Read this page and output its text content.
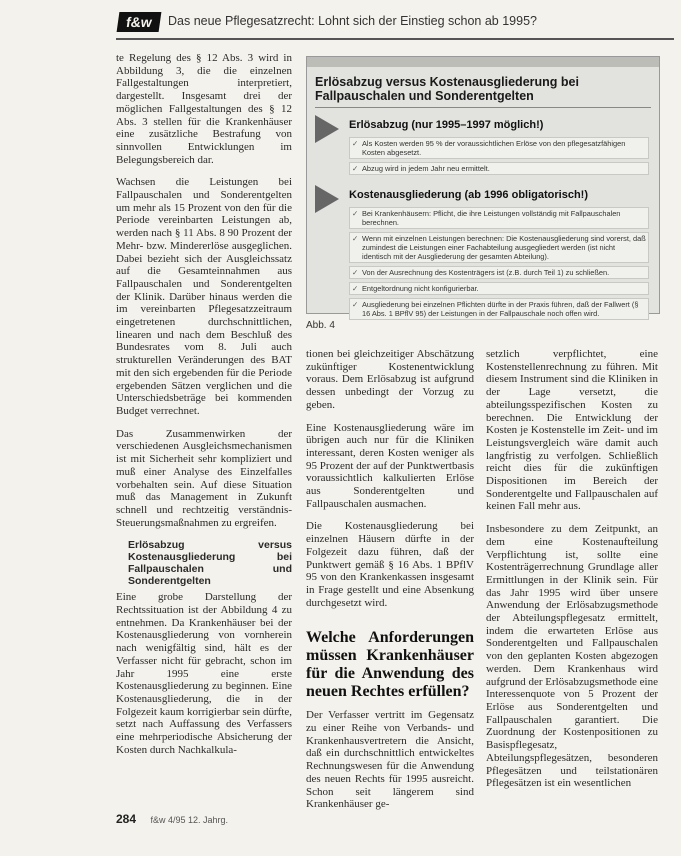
f&w	Das neue Pflegesatzrecht: Lohnt sich der Einstieg schon ab 1995?

te Regelung des § 12 Abs. 3 wird in Abbildung 3, die die einzelnen Fallgestaltungen interpretiert, dargestellt. Insgesamt drei der möglichen Fallgestaltungen des § 12 Abs. 3 stellen für die Krankenhäuser eine zusätzliche Bestrafung von sinnvollen Entwicklungen im Belegungsbereich dar.

Wachsen die Leistungen bei Fallpauschalen und Sonderentgelten um mehr als 15 Prozent von den für die Periode vereinbarten Leistungen ab, werden nach § 11 Abs. 8 90 Prozent der Mehr- bzw. Mindererlöse ausgeglichen. Dabei bezieht sich der Ausgleichssatz auf die Gesamteinnahmen aus Fallpauschalen und Sonderentgelten der Klinik. Darüber hinaus werden die im vereinbarten Pflegesatzzeitraum eingetretenen durchschnittlichen, linearen und nach dem Beschluß des Bundesrates vom 8. Juli auch strukturellen Veränderungen des BAT mit den sich ergebenden für die Periode ergebenden Sätzen verglichen und die Unterschiedsbeträge bei kommenden Budget verrechnet.

Das Zusammenwirken der verschiedenen Ausgleichsmechanismen ist mit Sicherheit sehr kompliziert und muß einer Analyse des Einzelfalles vorbehalten sein. Auf diese Situation muß das Management in Zukunft schnell und rechtzeitig verständnis- Steuerungsmaßnahmen zu ergreifen.

Erlösabzug versus Kostenausgliederung bei Fallpauschalen und Sonderentgelten

Eine grobe Darstellung der Rechtssituation ist der Abbildung 4 zu entnehmen. Da Krankenhäuser bei der Kostenausgliederung von vornherein nach wenigfältig sind, hält es der Verfasser nicht für gebracht, schon im Jahr 1995 eine erste Kostenausgliederung zu beginnen. Eine Kostenausgliederung, die in der Folgezeit kaum korrigierbar sein dürfte, setzt nach Auffassung des Verfassers eine mehrperiodische Absicherung der Kosten durch Nachkalkula-

Erlösabzug versus Kostenausgliederung bei Fallpauschalen und Sonderentgelten
Erlösabzug (nur 1995–1997 möglich!)
✓ Als Kosten werden 95 % der voraussichtlichen Erlöse von den pflegesatzfähigen Kosten abgesetzt.
✓ Abzug wird in jedem Jahr neu ermittelt.
Kostenausgliederung (ab 1996 obligatorisch!)
✓ Bei Krankenhäusern: Pflicht, die ihre Leistungen vollständig mit Fallpauschalen berechnen.
✓ Wenn mit einzelnen Leistungen berechnen: Die Kostenausgliederung sind vorerst, daß zumindest die Leistungen einer Fachabteilung ausgegliedert werden (ist nicht identisch mit der Ausgliederung der gesamten Abteilung).
✓ Von der Ausrechnung des Kostenträgers ist (z.B. durch Teil 1) zu schließen.
✓ Entgeltordnung nicht konfigurierbar.
✓ Ausgliederung bei einzelnen Pflichten dürfte in der Praxis führen, daß der Fallwert (§ 16 Abs. 1 BPflV 95) der Leistungen in der Fallpauschale noch offen wird.
Abb. 4

tionen bei gleichzeitiger Abschätzung zukünftiger Kostenentwicklung voraus. Dem Erlösabzug ist aufgrund dessen unbedingt der Vorzug zu geben.

Eine Kostenausgliederung wäre im übrigen auch nur für die Kliniken interessant, deren Kosten weniger als 95 Prozent der auf der Punktwertbasis voraussichtlich kalkulierten Erlöse aus Sonderentgelten und Fallpauschalen ausmachen.

Die Kostenausgliederung bei einzelnen Häusern dürfte in der Folgezeit dazu führen, daß der Punktwert gemäß § 16 Abs. 1 BPflV 95 von den Krankenkassen insgesamt in Frage gestellt und eine Absenkung durchgesetzt wird.

Welche Anforderungen müssen Krankenhäuser für die Anwendung des neuen Rechtes erfüllen?

Der Verfasser vertritt im Gegensatz zu einer Reihe von Verbands- und Krankenhausvertretern die Ansicht, daß ein durchschnittlich entwickeltes Rechnungswesen für die Anwendung des neuen Rechts für 1995 ausreicht. Schon seit längerem sind Krankenhäuser ge-

setzlich verpflichtet, eine Kostenstellenrechnung zu führen. Mit diesem Instrument sind die Kliniken in der Lage versetzt, die abteilungsspezifischen Kosten zu berechnen. Die Entwicklung der Kosten je Kostenstelle im Zeit- und im Leistungsvergleich wäre damit auch langfristig zu verfolgen. Schließlich reicht dies für die zukünftigen Dispositionen im Bereich der Sonderentgelte und Fallpauschalen auf keinen Fall mehr aus.

Insbesondere zu dem Zeitpunkt, an dem eine Kostenaufteilung Verpflichtung ist, sollte eine Kostenträgerrechnung Grundlage aller Ermittlungen in der Klinik sein. Für das Jahr 1995 wird über unsere Anwendung der Erlösabzugsmethode der Abteilungspflegesatz ermittelt, indem die erwarteten Erlöse aus Sonderentgelten und Fallpauschalen von den geplanten Kosten abgezogen werden. Dem Krankenhaus wird aufgrund der Erlösabzugsmethode eine Interessenquote von 5 Prozent der Erlöse aus Sonderentgelten und Fallpauschalen garantiert. Die Zuordnung der Kostenpositionen zu Basispflegesatz, Abteilungspflegesätzen, besonderen Pflegesätzen und teilstationären Pflegesätzen ist ein wesentlichen

284 f&w 4/95 12. Jahrg.
